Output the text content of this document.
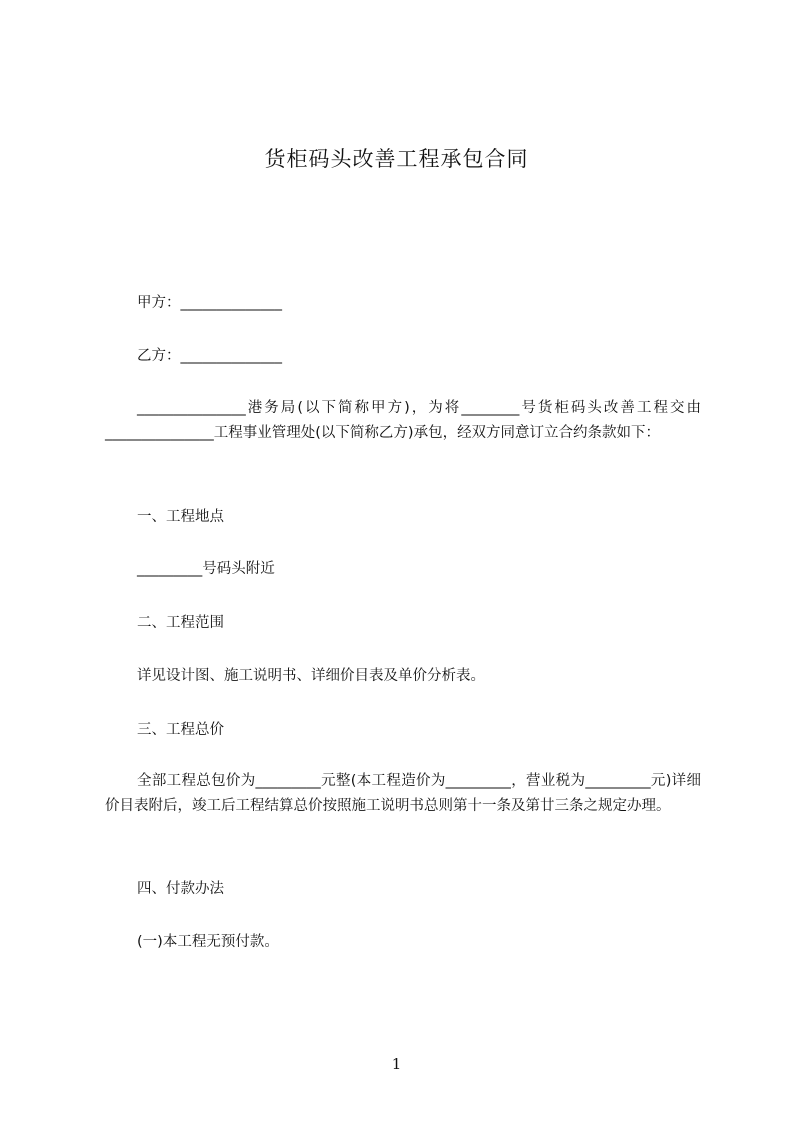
货柜码头改善工程承包合同
甲方：______________
乙方：______________
_______________港务局(以下简称甲方)，为将________号货柜码头改善工程交由_______________工程事业管理处(以下简称乙方)承包，经双方同意订立合约条款如下：
一、工程地点
_________号码头附近
二、工程范围
详见设计图、施工说明书、详细价目表及单价分析表。
三、工程总价
全部工程总包价为_________元整(本工程造价为_________，营业税为_________元)详细价目表附后，竣工后工程结算总价按照施工说明书总则第十一条及第廿三条之规定办理。
四、付款办法
(一)本工程无预付款。
1
